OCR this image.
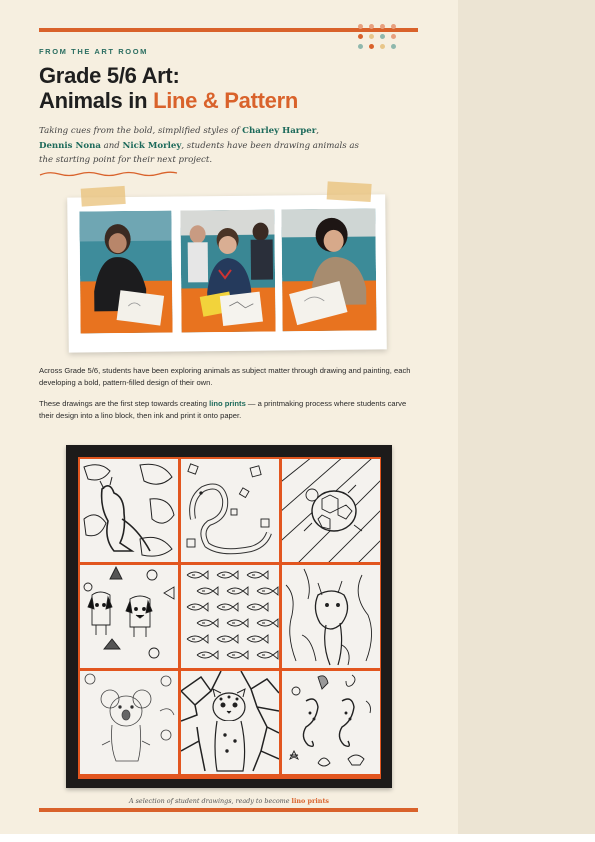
FROM THE ART ROOM
Grade 5/6 Art:
Animals in Line & Pattern
Taking cues from the bold, simplified styles of Charley Harper,
Dennis Nona and Nick Morley, students have been drawing animals as the starting point for their next project.
Across Grade 5/6, students have been exploring animals as subject matter through drawing and painting, each developing a bold, pattern-filled design of their own.
These drawings are the first step towards creating lino prints — a printmaking process where students carve their design into a lino block, then ink and print it onto paper.
A selection of student drawings, ready to become lino prints
